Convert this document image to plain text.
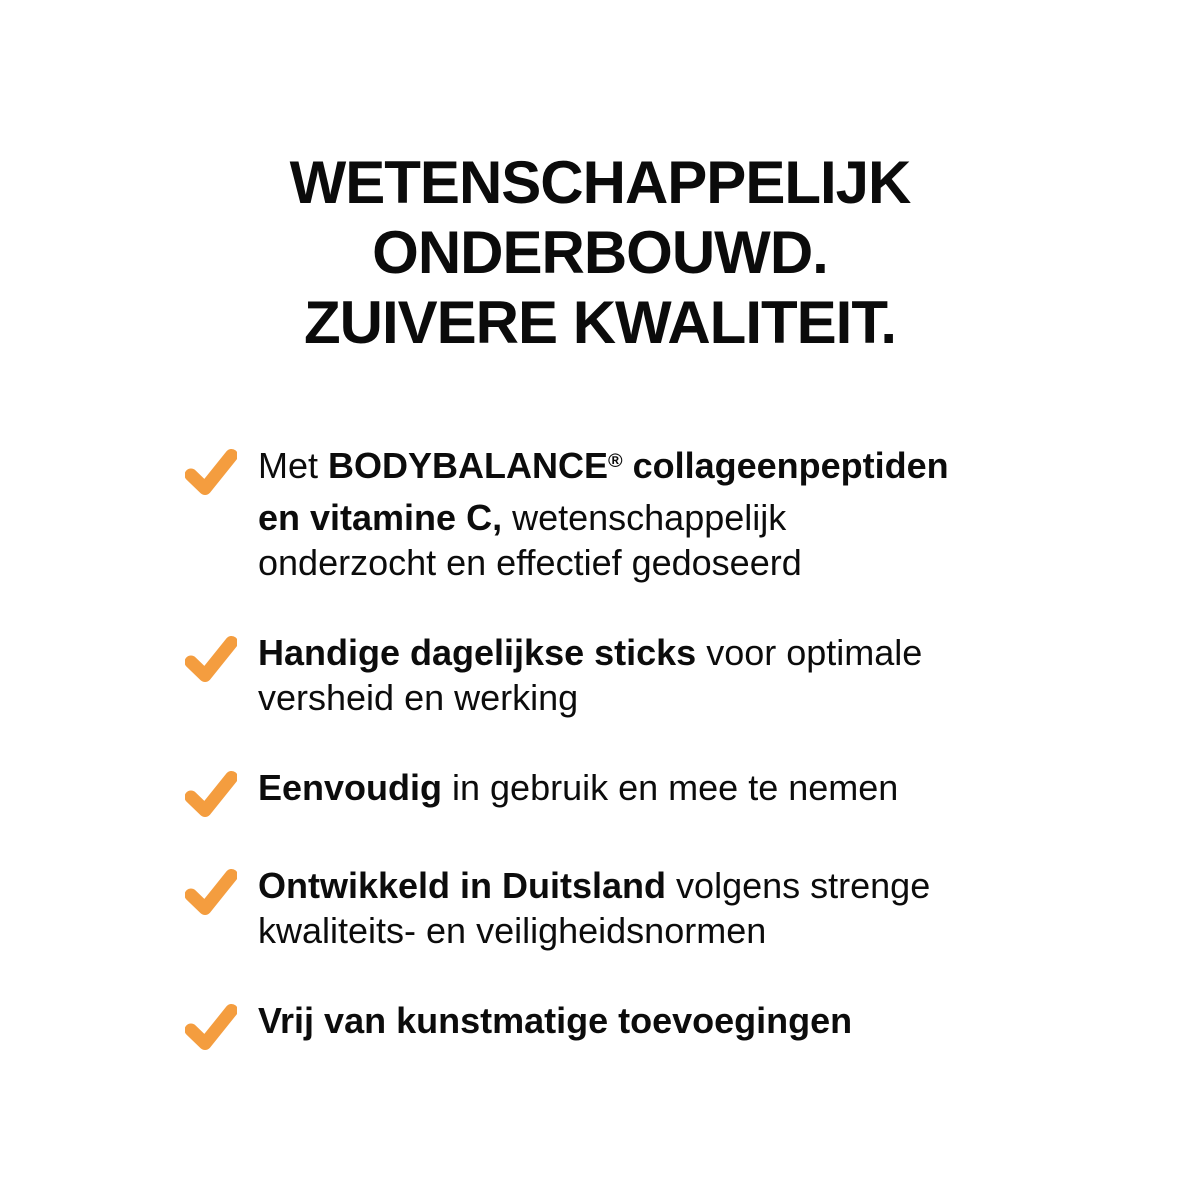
WETENSCHAPPELIJK
ONDERBOUWD.
ZUIVERE KWALITEIT.
Met BODYBALANCE® collageenpeptiden
en vitamine C, wetenschappelijk
onderzocht en effectief gedoseerd
Handige dagelijkse sticks voor optimale
versheid en werking
Eenvoudig in gebruik en mee te nemen
Ontwikkeld in Duitsland volgens strenge
kwaliteits- en veiligheidsnormen
Vrij van kunstmatige toevoegingen
